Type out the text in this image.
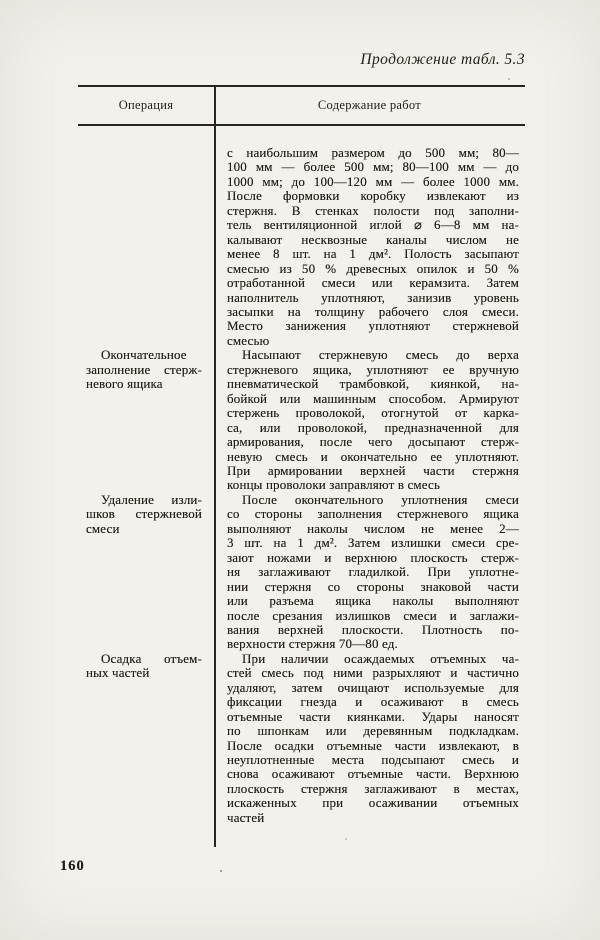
Продолжение табл. 5.3
Операция	Содержание работ
с наибольшим размером до 500 мм; 80—
100 мм — более 500 мм; 80—100 мм — до
1000 мм; до 100—120 мм — более 1000 мм.
После формовки коробку извлекают из
стержня. В стенках полости под заполни-
тель вентиляционной иглой ⌀ 6—8 мм на-
калывают несквозные каналы числом не
менее 8 шт. на 1 дм². Полость засыпают
смесью из 50 % древесных опилок и 50 %
отработанной смеси или керамзита. Затем
наполнитель уплотняют, занизив уровень
засыпки на толщину рабочего слоя смеси.
Место занижения уплотняют стержневой
смесью
Окончательное
заполнение стерж-
невого ящика
Насыпают стержневую смесь до верха
стержневого ящика, уплотняют ее вручную
пневматической трамбовкой, киянкой, на-
бойкой или машинным способом. Армируют
стержень проволокой, отогнутой от карка-
са, или проволокой, предназначенной для
армирования, после чего досыпают стерж-
невую смесь и окончательно ее уплотняют.
При армировании верхней части стержня
концы проволоки заправляют в смесь
Удаление изли-
шков стержневой
смеси
После окончательного уплотнения смеси
со стороны заполнения стержневого ящика
выполняют наколы числом не менее 2—
3 шт. на 1 дм². Затем излишки смеси сре-
зают ножами и верхнюю плоскость стерж-
ня заглаживают гладилкой. При уплотне-
нии стержня со стороны знаковой части
или разъема ящика наколы выполняют
после срезания излишков смеси и заглажи-
вания верхней плоскости. Плотность по-
верхности стержня 70—80 ед.
Осадка отъем-
ных частей
При наличии осаждаемых отъемных ча-
стей смесь под ними разрыхляют и частично
удаляют, затем очищают используемые для
фиксации гнезда и осаживают в смесь
отъемные части киянками. Удары наносят
по шпонкам или деревянным подкладкам.
После осадки отъемные части извлекают, в
неуплотненные места подсыпают смесь и
снова осаживают отъемные части. Верхнюю
плоскость стержня заглаживают в местах,
искаженных при осаживании отъемных
частей
160
